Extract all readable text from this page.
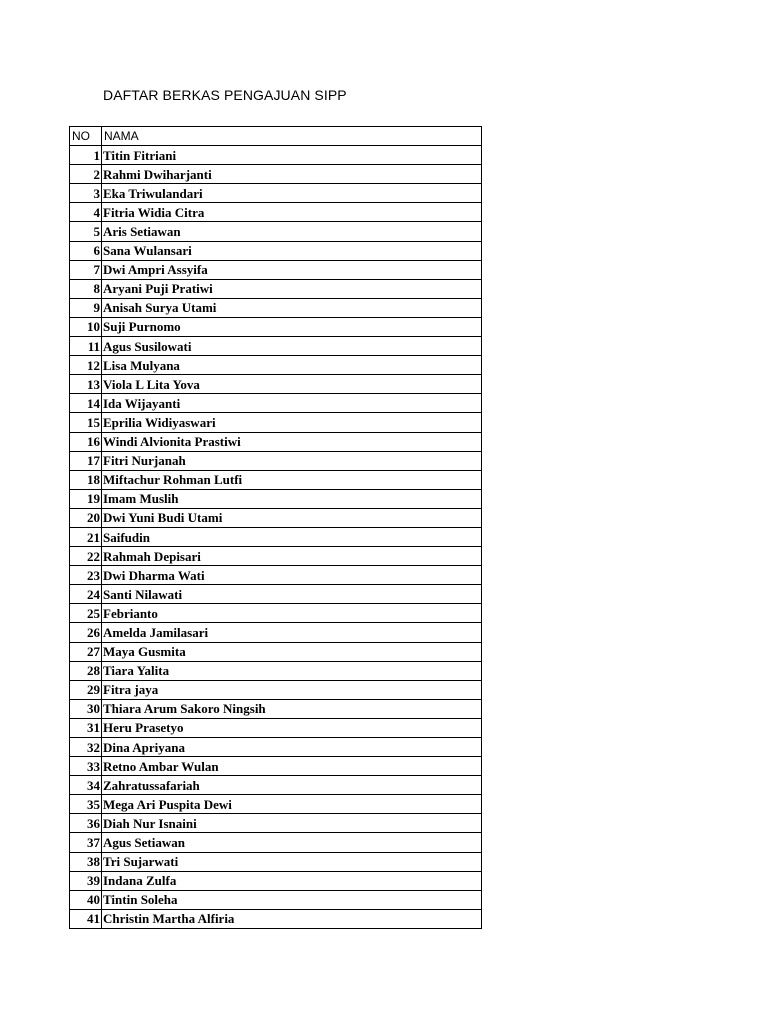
DAFTAR BERKAS PENGAJUAN SIPP
NO	NAMA
1	Titin Fitriani
2	Rahmi Dwiharjanti
3	Eka Triwulandari
4	Fitria Widia Citra
5	Aris Setiawan
6	Sana Wulansari
7	Dwi Ampri Assyifa
8	Aryani Puji Pratiwi
9	Anisah Surya Utami
10	Suji Purnomo
11	Agus Susilowati
12	Lisa Mulyana
13	Viola L Lita Yova
14	Ida Wijayanti
15	Eprilia Widiyaswari
16	Windi Alvionita Prastiwi
17	Fitri Nurjanah
18	Miftachur Rohman Lutfi
19	Imam Muslih
20	Dwi Yuni Budi Utami
21	Saifudin
22	Rahmah Depisari
23	Dwi Dharma Wati
24	Santi Nilawati
25	Febrianto
26	Amelda Jamilasari
27	Maya Gusmita
28	Tiara Yalita
29	Fitra jaya
30	Thiara Arum Sakoro Ningsih
31	Heru Prasetyo
32	Dina Apriyana
33	Retno Ambar Wulan
34	Zahratussafariah
35	Mega Ari Puspita Dewi
36	Diah Nur Isnaini
37	Agus Setiawan
38	Tri Sujarwati
39	Indana Zulfa
40	Tintin Soleha
41	Christin Martha Alfiria
